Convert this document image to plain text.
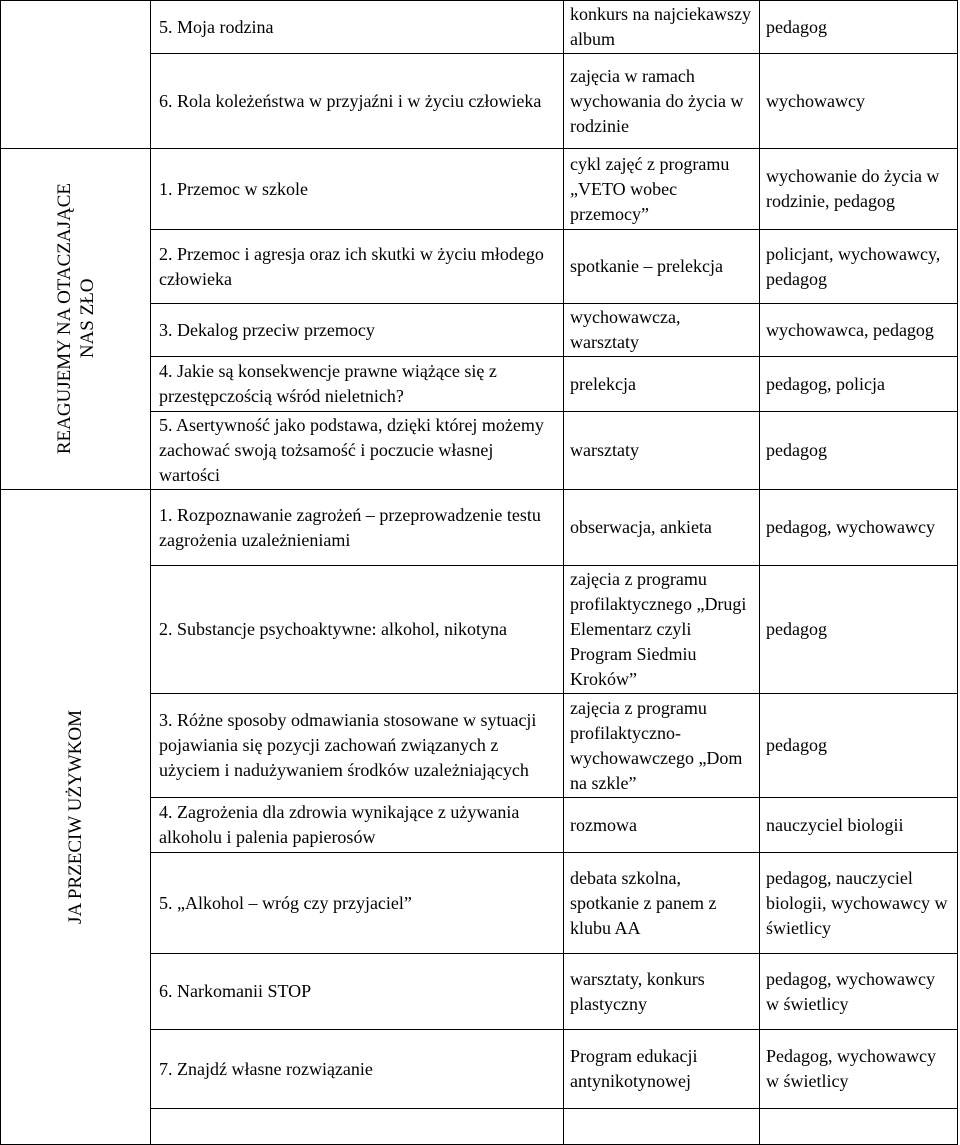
	5. Moja rodzina	konkurs na najciekawszy album	pedagog
	6. Rola koleżeństwa w przyjaźni i w życiu człowieka	zajęcia w ramach wychowania do życia w rodzinie	wychowawcy

REAGUJEMY NA OTACZAJĄCE
NAS ZŁO	1. Przemoc w szkole	cykl zajęć z programu „VETO wobec przemocy”	wychowanie do życia w rodzinie, pedagog
	2. Przemoc i agresja oraz ich skutki w życiu młodego człowieka	spotkanie – prelekcja	policjant, wychowawcy, pedagog
	3. Dekalog przeciw przemocy	wychowawcza, warsztaty	wychowawca, pedagog
	4. Jakie są konsekwencje prawne wiążące się z przestępczością wśród nieletnich?	prelekcja	pedagog, policja
	5. Asertywność jako podstawa, dzięki której możemy zachować swoją tożsamość i poczucie własnej wartości	warsztaty	pedagog

JA PRZECIW UŻYWKOM	1. Rozpoznawanie zagrożeń – przeprowadzenie testu zagrożenia uzależnieniami	obserwacja, ankieta	pedagog, wychowawcy
	2. Substancje psychoaktywne: alkohol, nikotyna	zajęcia z programu profilaktycznego „Drugi Elementarz czyli Program Siedmiu Kroków”	pedagog
	3. Różne sposoby odmawiania stosowane w sytuacji pojawiania się pozycji zachowań związanych z użyciem i nadużywaniem środków uzależniających	zajęcia z programu profilaktyczno-wychowawczego „Dom na szkle”	pedagog
	4. Zagrożenia dla zdrowia wynikające z używania alkoholu i palenia papierosów	rozmowa	nauczyciel biologii
	5. „Alkohol – wróg czy przyjaciel”	debata szkolna, spotkanie z panem z klubu AA	pedagog, nauczyciel biologii, wychowawcy w świetlicy
	6. Narkomanii STOP	warsztaty, konkurs plastyczny	pedagog, wychowawcy w świetlicy
	7. Znajdź własne rozwiązanie	Program edukacji antynikotynowej	Pedagog, wychowawcy w świetlicy
